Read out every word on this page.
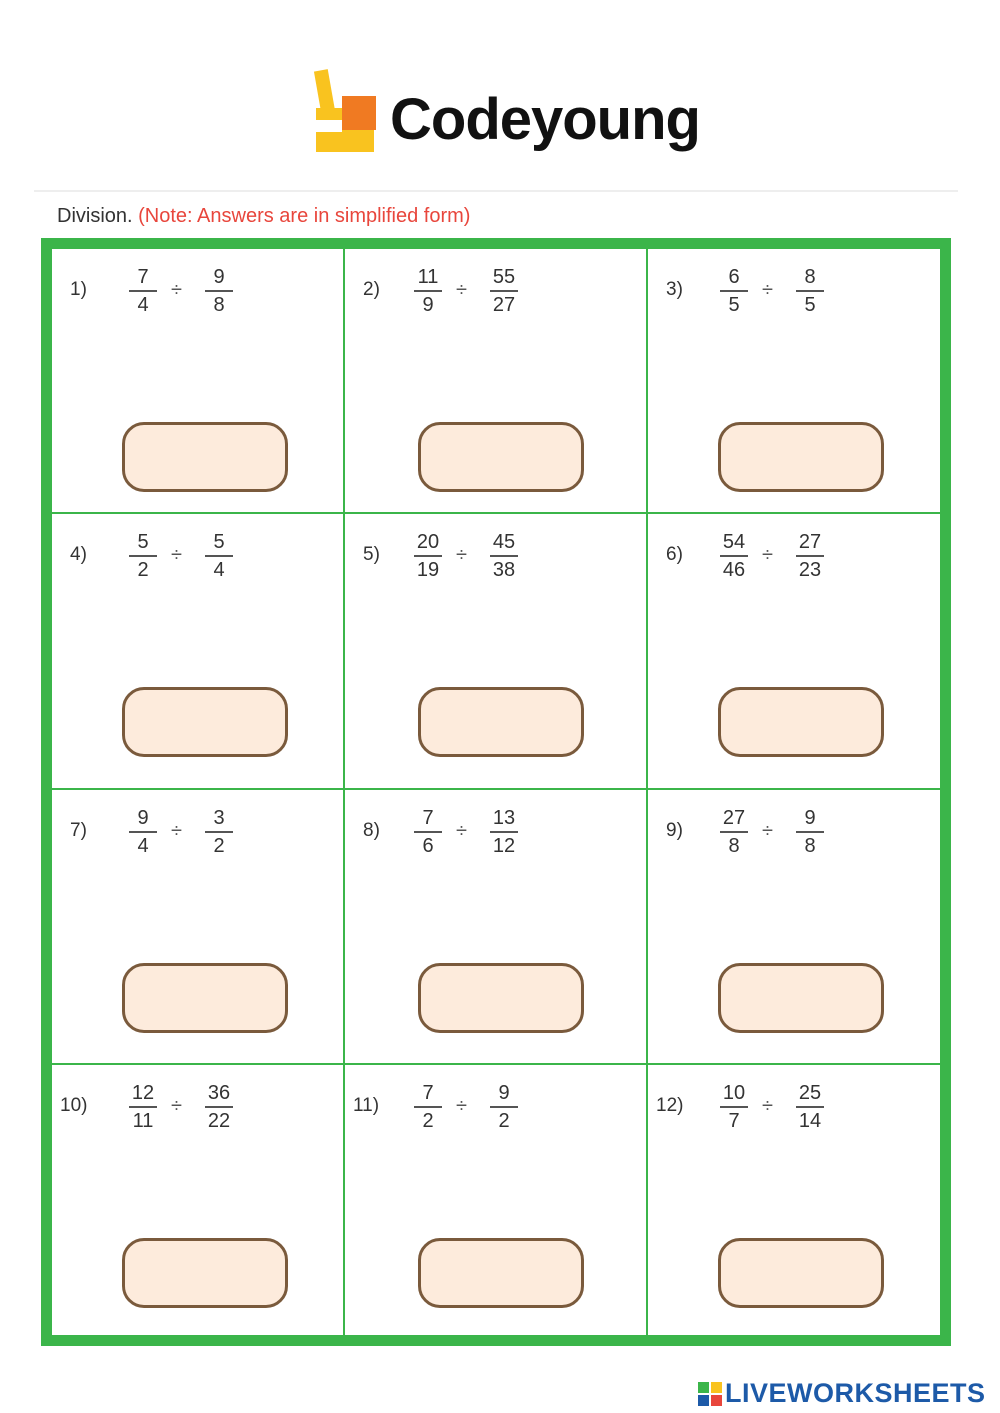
Codeyoung
Division. (Note: Answers are in simplified form)
1)
7
4
÷
9
8
2)
11
9
÷
55
27
3)
6
5
÷
8
5
4)
5
2
÷
5
4
5)
20
19
÷
45
38
6)
54
46
÷
27
23
7)
9
4
÷
3
2
8)
7
6
÷
13
12
9)
27
8
÷
9
8
10)
12
11
÷
36
22
11)
7
2
÷
9
2
12)
10
7
÷
25
14
LIVEWORKSHEETS
